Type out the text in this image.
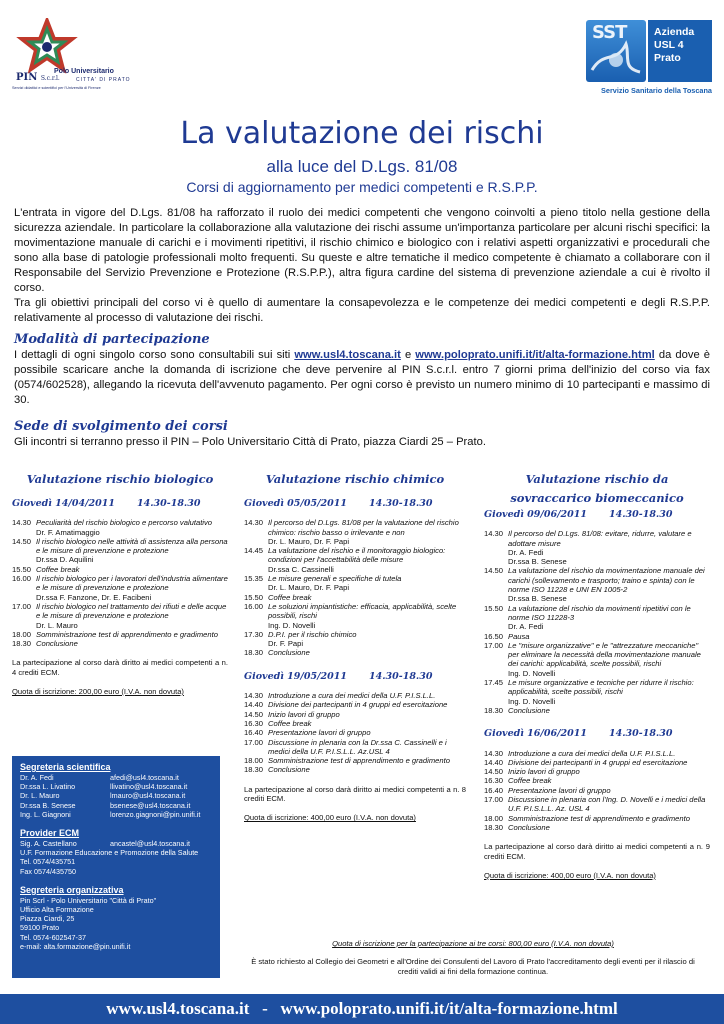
PIN S.c.r.l.
Polo Universitario
CITTA' DI PRATO
Servizi didattici e scientifici per l'Università di Firenze
SST	Azienda
USL 4
Prato
Servizio Sanitario della Toscana
La valutazione dei rischi
alla luce del D.Lgs. 81/08
Corsi di aggiornamento per medici competenti e R.S.P.P.

L'entrata in vigore del D.Lgs. 81/08 ha rafforzato il ruolo dei medici competenti che vengono coinvolti a pieno titolo nella gestione della sicurezza aziendale. In particolare la collaborazione alla valutazione dei rischi assume un'importanza particolare per alcuni rischi specifici: la movimentazione manuale di carichi e i movimenti ripetitivi, il rischio chimico e biologico con i relativi aspetti organizzativi e procedurali che sono alla base di patologie professionali molto frequenti. Su queste e altre tematiche il medico competente è chiamato a collaborare con il Responsabile del Servizio Prevenzione e Protezione (R.S.P.P.), altra figura cardine del sistema di prevenzione aziendale a cui è rivolto il corso.

Tra gli obiettivi principali del corso vi è quello di aumentare la consapevolezza e le competenze dei medici competenti e degli R.S.P.P. relativamente al processo di valutazione dei rischi.

Modalità di partecipazione
I dettagli di ogni singolo corso sono consultabili sui siti www.usl4.toscana.it e www.poloprato.unifi.it/it/alta-formazione.html da dove è possibile scaricare anche la domanda di iscrizione che deve pervenire al PIN S.c.r.l. entro 7 giorni prima dell'inizio del corso via fax (0574/602528), allegando la ricevuta dell'avvenuto pagamento. Per ogni corso è previsto un numero minimo di 10 partecipanti e massimo di 30.
Sede di svolgimento dei corsi
Gli incontri si terranno presso il PIN – Polo Universitario Città di Prato, piazza Ciardi 25 – Prato.
Valutazione rischio biologico
Giovedì 14/04/2011 14.30-18.30
14.30 Peculiarità del rischio biologico e percorso valutativo
Dr. F. Amatimaggio
14.50 Il rischio biologico nelle attività di assistenza alla persona e le misure di prevenzione e protezione
Dr.ssa D. Aquilini
15.50 Coffee break
16.00 Il rischio biologico per i lavoratori dell'industria alimentare e le misure di prevenzione e protezione
Dr.ssa F. Fanzone, Dr. E. Facibeni
17.00 Il rischio biologico nel trattamento dei rifiuti e delle acque e le misure di prevenzione e protezione
Dr. L. Mauro
18.00 Somministrazione test di apprendimento e gradimento
18.30 Conclusione
La partecipazione al corso darà diritto ai medici competenti a n. 4 crediti ECM.
Quota di iscrizione: 200,00 euro (I.V.A. non dovuta)
Valutazione rischio chimico
Giovedì 05/05/2011 14.30-18.30
14.30 Il percorso del D.Lgs. 81/08 per la valutazione del rischio chimico: rischio basso o irrilevante e non
Dr. L. Mauro, Dr. F. Papi
14.45 La valutazione del rischio e il monitoraggio biologico: condizioni per l'accettabilità delle misure
Dr.ssa C. Cassinelli
15.35 Le misure generali e specifiche di tutela
Dr. L. Mauro, Dr. F. Papi
15.50 Coffee break
16.00 Le soluzioni impiantistiche: efficacia, applicabilità, scelte possibili, rischi
Ing. D. Novelli
17.30 D.P.I. per il rischio chimico
Dr. F. Papi
18.30 Conclusione
Giovedì 19/05/2011 14.30-18.30
14.30 Introduzione a cura dei medici della U.F. P.I.S.L.L.
14.40 Divisione dei partecipanti in 4 gruppi ed esercitazione
14.50 Inizio lavori di gruppo
16.30 Coffee break
16.40 Presentazione lavori di gruppo
17.00 Discussione in plenaria con la Dr.ssa C. Cassinelli e i medici della U.F. P.I.S.L.L. Az.USL 4
18.00 Somministrazione test di apprendimento e gradimento
18.30 Conclusione
La partecipazione al corso darà diritto ai medici competenti a n. 8 crediti ECM.
Quota di iscrizione: 400,00 euro (I.V.A. non dovuta)
Valutazione rischio da
sovraccarico biomeccanico
Giovedì 09/06/2011 14.30-18.30
14.30 Il percorso del D.Lgs. 81/08: evitare, ridurre, valutare e adottare misure
Dr. A. Fedi
Dr.ssa B. Senese
14.50 La valutazione del rischio da movimentazione manuale dei carichi (sollevamento e trasporto; traino e spinta) con le norme ISO 11228 e UNI EN 1005-2
Dr.ssa B. Senese
15.50 La valutazione del rischio da movimenti ripetitivi con le norme ISO 11228-3
Dr. A. Fedi
16.50 Pausa
17.00 Le "misure organizzative" e le "attrezzature meccaniche" per eliminare la necessità della movimentazione manuale dei carichi: applicabilità, scelte possibili, rischi
Ing. D. Novelli
17.45 Le misure organizzative e tecniche per ridurre il rischio: applicabilità, scelte possibili, rischi
Ing. D. Novelli
18.30 Conclusione
Giovedì 16/06/2011 14.30-18.30
14.30 Introduzione a cura dei medici della U.F. P.I.S.L.L.
14.40 Divisione dei partecipanti in 4 gruppi ed esercitazione
14.50 Inizio lavori di gruppo
16.30 Coffee break
16.40 Presentazione lavori di gruppo
17.00 Discussione in plenaria con l'Ing. D. Novelli e i medici della U.F. P.I.S.L.L. Az. USL 4
18.00 Somministrazione test di apprendimento e gradimento
18.30 Conclusione
La partecipazione al corso darà diritto ai medici competenti a n. 9 crediti ECM.
Quota di iscrizione: 400,00 euro (I.V.A. non dovuta)
Segreteria scientifica
Dr. A. Fedi	afedi@usl4.toscana.it
Dr.ssa L. Livatino	llivatino@usl4.toscana.it
Dr. L. Mauro	lmauro@usl4.toscana.it
Dr.ssa B. Senese	bsenese@usl4.toscana.it
Ing. L. Giagnoni	lorenzo.giagnoni@pin.unifi.it
Provider ECM
Sig. A. Castellano	ancastel@usl4.toscana.it
U.F. Formazione Educazione e Promozione della Salute
Tel. 0574/435751
Fax 0574/435750
Segreteria organizzativa
Pin Scrl - Polo Universitario "Città di Prato"
Ufficio Alta Formazione
Piazza Ciardi, 25
59100 Prato
Tel. 0574-602547-37
e-mail: alta.formazione@pin.unifi.it	Quota di iscrizione per la partecipazione ai tre corsi: 800,00 euro (I.V.A. non dovuta)
È stato richiesto al Collegio dei Geometri e all'Ordine dei Consulenti del Lavoro di Prato l'accreditamento degli eventi per il rilascio di crediti validi ai fini della formazione continua.
www.usl4.toscana.it   -   www.poloprato.unifi.it/it/alta-formazione.html
